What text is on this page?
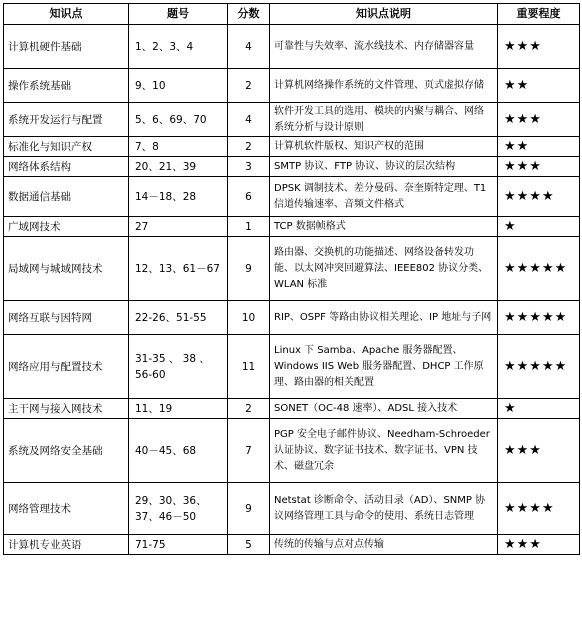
知识点	题号	分数	知识点说明	重要程度
计算机硬件基础	1、2、3、4	4	可靠性与失效率、流水线技术、内存储器容量	★★★
操作系统基础	9、10	2	计算机网络操作系统的文件管理、页式虚拟存储	★★
系统开发运行与配置	5、6、69、70	4	软件开发工具的选用、模块的内聚与耦合、网络系统分析与设计原则	★★★
标准化与知识产权	7、8	2	计算机软件版权、知识产权的范围	★★
网络体系结构	20、21、39	3	SMTP 协议、FTP 协议、协议的层次结构	★★★
数据通信基础	14－18、28	6	DPSK 调制技术、差分曼码、奈奎斯特定理、T1 信道传输速率、音频文件格式	★★★★
广域网技术	27	1	TCP 数据帧格式	★
局域网与城域网技术	12、13、61－67	9	路由器、交换机的功能描述、网络设备转发功能、以太网冲突回避算法、IEEE802 协议分类、WLAN 标准	★★★★★
网络互联与因特网	22-26、51-55	10	RIP、OSPF 等路由协议相关理论、IP 地址与子网	★★★★★
网络应用与配置技术	31-35 、 38 、56-60	11	Linux 下 Samba、Apache 服务器配置、Windows IIS Web 服务器配置、DHCP 工作原理、路由器的相关配置	★★★★★
主干网与接入网技术	11、19	2	SONET（OC-48 速率）、ADSL 接入技术	★
系统及网络安全基础	40－45、68	7	PGP 安全电子邮件协议、Needham-Schroeder 认证协议、数字证书技术、数字证书、VPN 技术、磁盘冗余	★★★
网络管理技术	29、30、36、37、46－50	9	Netstat 诊断命令、活动目录（AD）、SNMP 协议网络管理工具与命令的使用、系统日志管理	★★★★
计算机专业英语	71-75	5	传统的传输与点对点传输	★★★
